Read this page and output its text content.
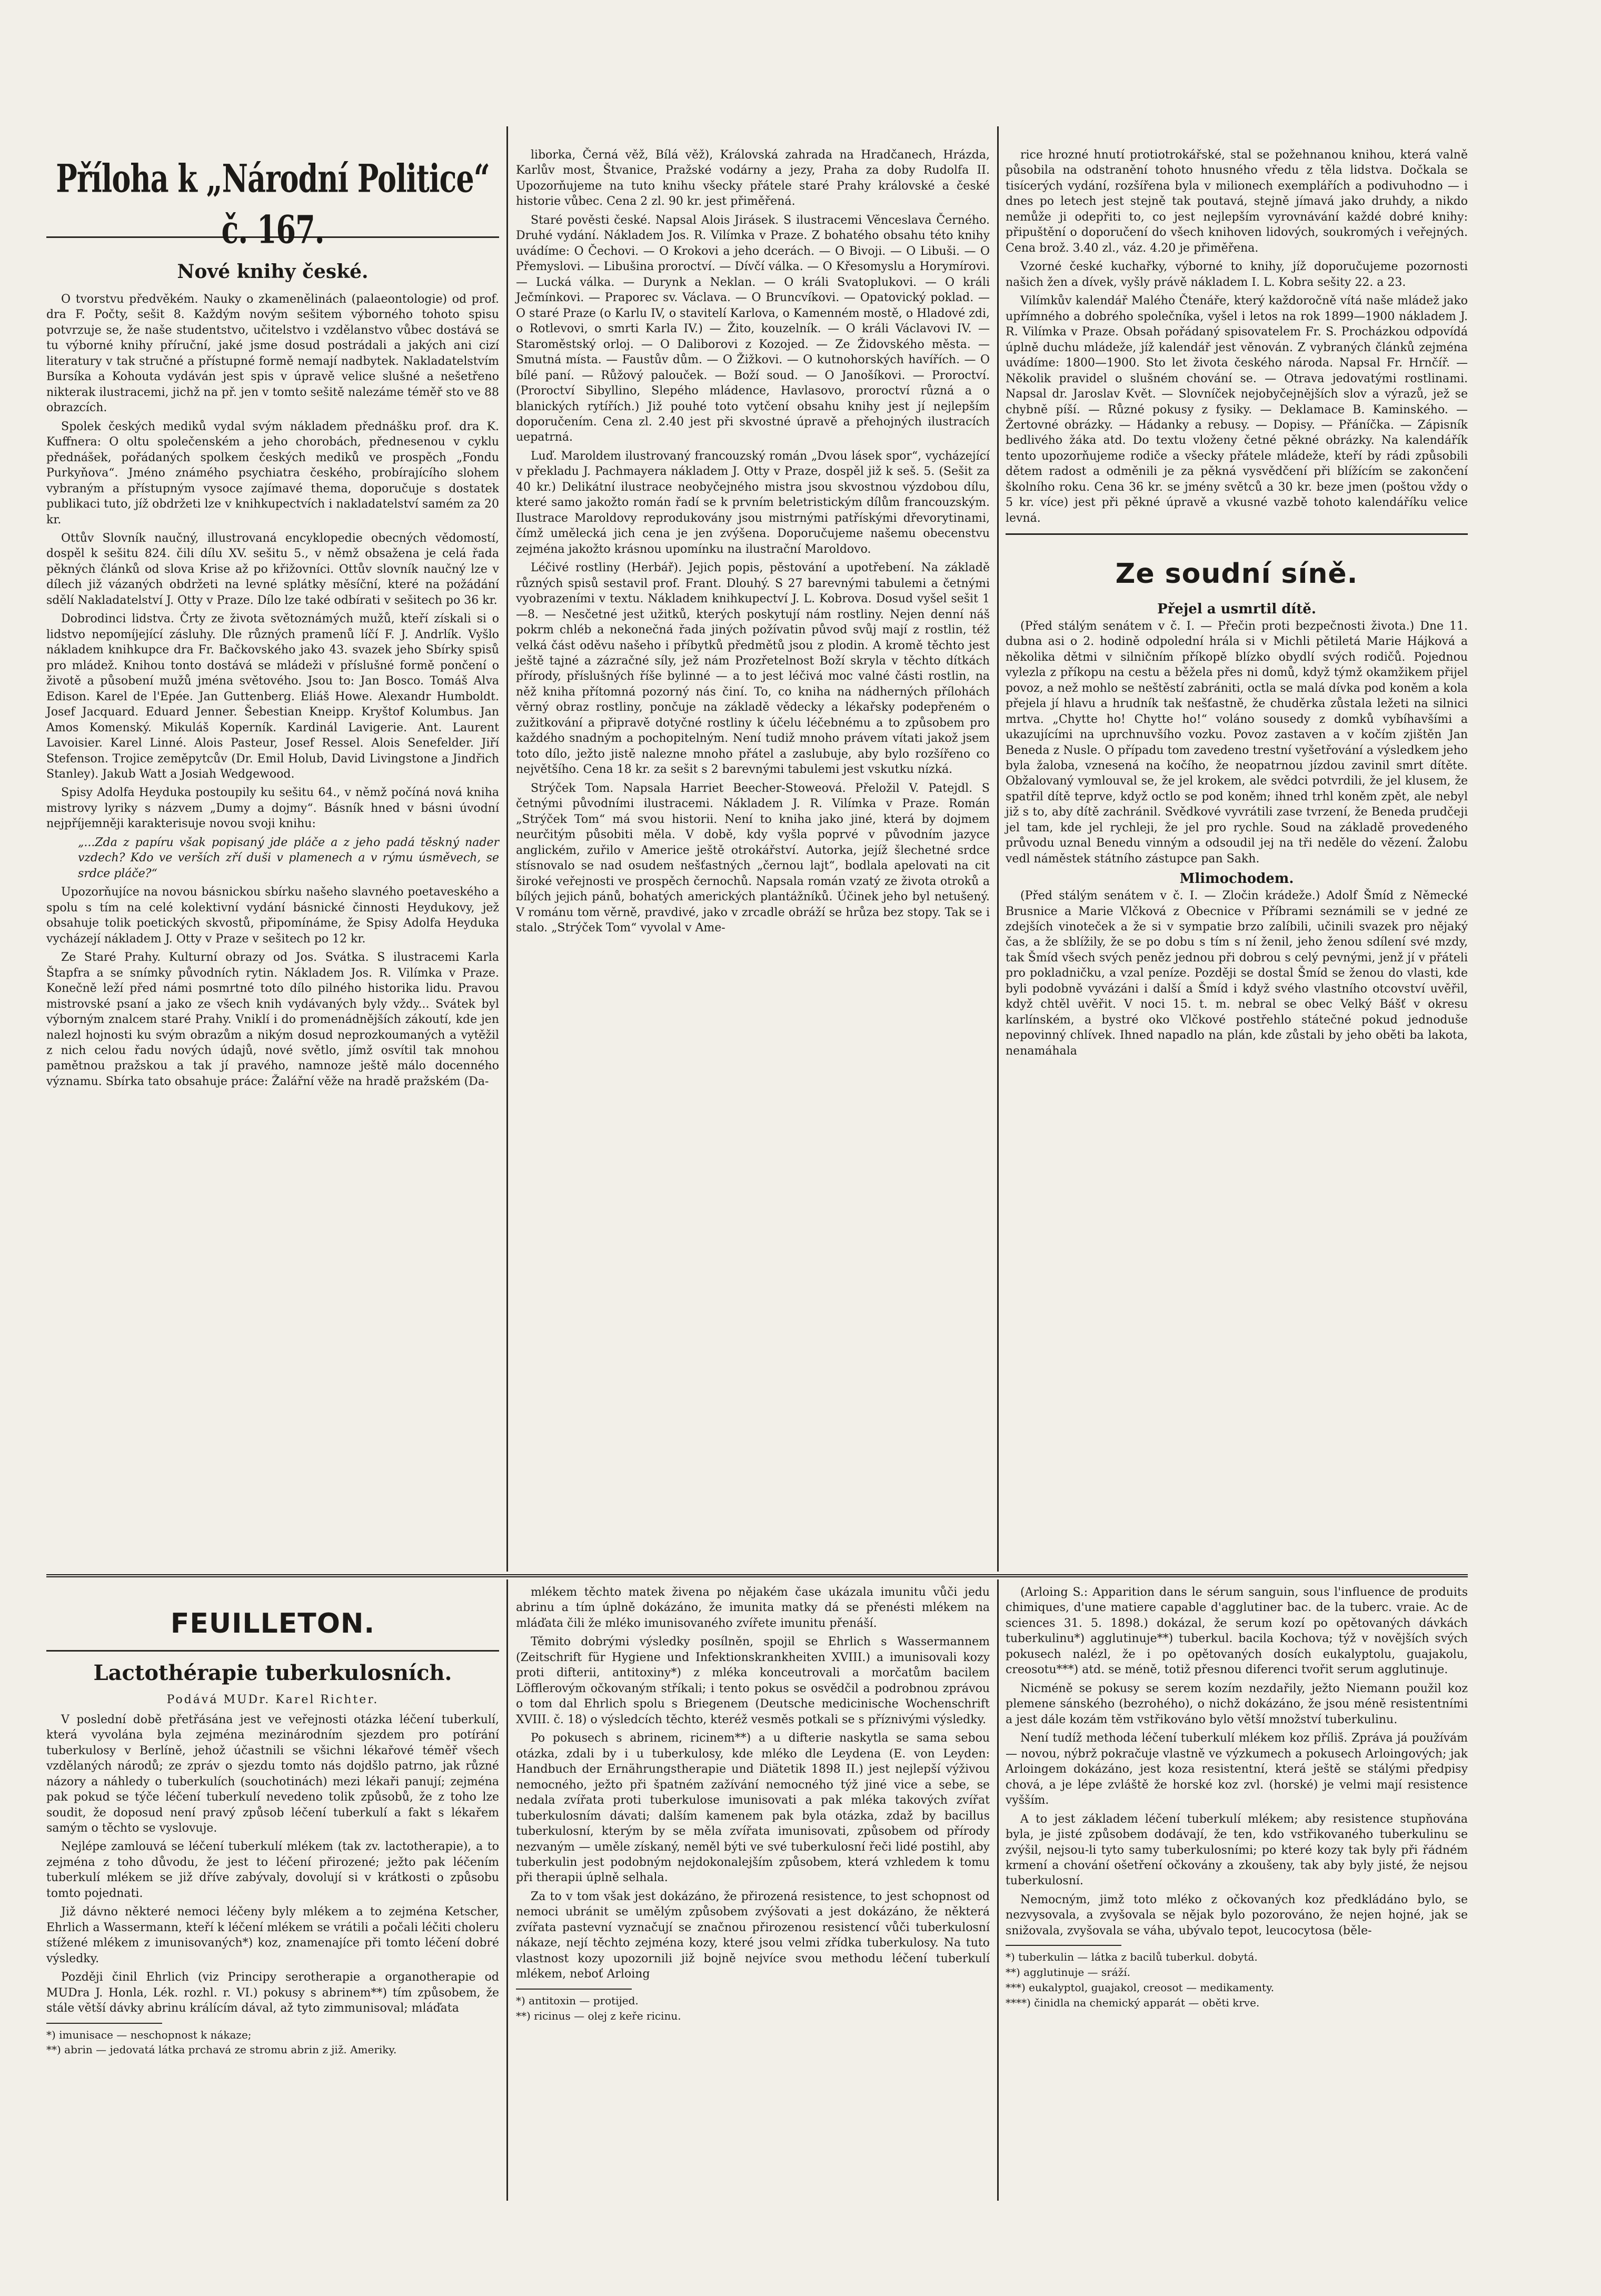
Příloha k „Národní Politice“ č. 167.
Nové knihy české.

O tvorstvu předvěkém. Nauky o zkamenělinách (palaeontologie) od prof. dra F. Počty, sešit 8. Každým novým sešitem výborného tohoto spisu potvrzuje se, že naše studentstvo, učitelstvo i vzdělanstvo vůbec dostává se tu výborné knihy příruční, jaké jsme dosud postrádali a jakých ani cizí literatury v tak stručné a přístupné formě nemají nadbytek. Nakladatelstvím Bursíka a Kohouta vydáván jest spis v úpravě velice slušné a nešetřeno nikterak ilustracemi, jichž na př. jen v tomto sešitě nalezáme téměř sto ve 88 obrazcích.

Spolek českých mediků vydal svým nákladem přednášku prof. dra K. Kuffnera: O oltu společenském a jeho chorobách, přednesenou v cyklu přednášek, pořádaných spolkem českých mediků ve prospěch „Fondu Purkyňova“. Jméno známého psychiatra českého, probírajícího slohem vybraným a přístupným vysoce zajímavé thema, doporučuje s dostatek publikaci tuto, jíž obdržeti lze v knihkupectvích i nakladatelství samém za 20 kr.

Ottův Slovník naučný, illustrovaná encyklopedie obecných vědomostí, dospěl k sešitu 824. čili dílu XV. sešitu 5., v němž obsažena je celá řada pěkných článků od slova Krise až po křižovníci. Ottův slovník naučný lze v dílech již vázaných obdržeti na levné splátky měsíční, které na požádání sdělí Nakladatelství J. Otty v Praze. Dílo lze také odbírati v sešitech po 36 kr.

Dobrodinci lidstva. Črty ze života světoznámých mužů, kteří získali si o lidstvo nepomíjející zásluhy. Dle různých pramenů líčí F. J. Andrlík. Vyšlo nákladem knihkupce dra Fr. Bačkovského jako 43. svazek jeho Sbírky spisů pro mládež. Knihou tonto dostává se mládeži v příslušné formě pončení o životě a působení mužů jména světového. Jsou to: Jan Bosco. Tomáš Alva Edison. Karel de l'Epée. Jan Guttenberg. Eliáš Howe. Alexandr Humboldt. Josef Jacquard. Eduard Jenner. Šebestian Kneipp. Kryštof Kolumbus. Jan Amos Komenský. Mikuláš Koperník. Kardinál Lavigerie. Ant. Laurent Lavoisier. Karel Linné. Alois Pasteur, Josef Ressel. Alois Senefelder. Jiří Stefenson. Trojice zeměpytcův (Dr. Emil Holub, David Livingstone a Jindřich Stanley). Jakub Watt a Josiah Wedgewood.

Spisy Adolfa Heyduka postoupily ku sešitu 64., v němž počíná nová kniha mistrovy lyriky s názvem „Dumy a dojmy“. Básník hned v básni úvodní nejpříjemněji karakterisuje novou svoji knihu:

„...Zda z papíru však popisaný jde pláče a z jeho padá těskný nader vzdech? Kdo ve verších zří duši v plamenech a v rýmu úsměvech, se srdce pláče?“

Upozorňujíce na novou básnickou sbírku našeho slavného poetaveského a spolu s tím na celé kolektivní vydání básnické činnosti Heydukovy, jež obsahuje tolik poetických skvostů, připomínáme, že Spisy Adolfa Heyduka vycházejí nákladem J. Otty v Praze v sešitech po 12 kr.

Ze Staré Prahy. Kulturní obrazy od Jos. Svátka. S ilustracemi Karla Štapfra a se snímky původních rytin. Nákladem Jos. R. Vilímka v Praze. Konečně leží před námi posmrtné toto dílo pilného historika lidu. Pravou mistrovské psaní a jako ze všech knih vydávaných byly vždy... Svátek byl výborným znalcem staré Prahy. Vniklí i do promenádnějších zákoutí, kde jen nalezl hojnosti ku svým obrazům a nikým dosud neprozkoumaných a vytěžil z nich celou řadu nových údajů, nové světlo, jímž osvítil tak mnohou pamětnou pražskou a tak jí pravého, namnoze ještě málo docenného významu. Sbírka tato obsahuje práce: Žalářní věže na hradě pražském (Da-

liborka, Černá věž, Bílá věž), Královská zahrada na Hradčanech, Hrázda, Karlův most, Štvanice, Pražské vodárny a jezy, Praha za doby Rudolfa II. Upozorňujeme na tuto knihu všecky přátele staré Prahy královské a české historie vůbec. Cena 2 zl. 90 kr. jest přiměřená.

Staré pověsti české. Napsal Alois Jirásek. S ilustracemi Věnceslava Černého. Druhé vydání. Nákladem Jos. R. Vilímka v Praze. Z bohatého obsahu této knihy uvádíme: O Čechovi. — O Krokovi a jeho dcerách. — O Bivoji. — O Libuši. — O Přemyslovi. — Libušina proroctví. — Dívčí válka. — O Křesomyslu a Horymírovi. — Lucká válka. — Durynk a Neklan. — O králi Svatoplukovi. — O králi Ječmínkovi. — Praporec sv. Václava. — O Bruncvíkovi. — Opatovický poklad. — O staré Praze (o Karlu IV, o stavitelí Karlova, o Kamenném mostě, o Hladové zdi, o Rotlevovi, o smrti Karla IV.) — Žito, kouzelník. — O králi Václavovi IV. — Staroměstský orloj. — O Daliborovi z Kozojed. — Ze Židovského města. — Smutná místa. — Faustův dům. — O Žižkovi. — O kutnohorských havířích. — O bílé paní. — Růžový palouček. — Boží soud. — O Janošíkovi. — Proroctví. (Proroctví Sibyllino, Slepého mládence, Havlasovo, proroctví různá a o blanických rytířích.) Již pouhé toto vytčení obsahu knihy jest jí nejlepším doporučením. Cena zl. 2.40 jest při skvostné úpravě a přehojných ilustracích uepatrná.

Luď. Maroldem ilustrovaný francouzský román „Dvou lásek spor“, vycházející v překladu J. Pachmayera nákladem J. Otty v Praze, dospěl již k seš. 5. (Sešit za 40 kr.) Delikátní ilustrace neobyčejného mistra jsou skvostnou výzdobou dílu, které samo jakožto román řadí se k prvním beletristickým dílům francouzským. Ilustrace Maroldovy reprodukovány jsou mistrnými patřískými dřevorytinami, čímž umělecká jich cena je jen zvýšena. Doporučujeme našemu obecenstvu zejména jakožto krásnou upomínku na ilustrační Maroldovo.

Léčivé rostliny (Herbář). Jejich popis, pěstování a upotřebení. Na základě různých spisů sestavil prof. Frant. Dlouhý. S 27 barevnými tabulemi a četnými vyobrazeními v textu. Nákladem knihkupectví J. L. Kobrova. Dosud vyšel sešit 1—8. — Nesčetné jest užitků, kterých poskytují nám rostliny. Nejen denní náš pokrm chléb a nekonečná řada jiných požívatin původ svůj mají z rostlin, též velká část oděvu našeho i příbytků předmětů jsou z plodin. A kromě těchto jest ještě tajné a zázračné síly, jež nám Prozřetelnost Boží skryla v těchto dítkách přírody, příslušných říše bylinné — a to jest léčivá moc valné části rostlin, na něž kniha přítomná pozorný nás činí. To, co kniha na nádherných přílohách věrný obraz rostliny, pončuje na základě vědecky a lékařsky podepřeném o zužitkování a připravě dotyčné rostliny k účelu léčebnému a to způsobem pro každého snadným a pochopitelným. Není tudiž mnoho právem vítati jakož jsem toto dílo, ježto jistě nalezne mnoho přátel a zaslubuje, aby bylo rozšířeno co největšího. Cena 18 kr. za sešit s 2 barevnými tabulemi jest vskutku nízká.

Strýček Tom. Napsala Harriet Beecher-Stoweová. Přeložil V. Patejdl. S četnými původními ilustracemi. Nákladem J. R. Vilímka v Praze. Román „Strýček Tom“ má svou historii. Není to kniha jako jiné, která by dojmem neurčitým působiti měla. V době, kdy vyšla poprvé v původním jazyce anglickém, zuřilo v Americe ještě otrokářství. Autorka, jejíž šlechetné srdce stísnovalo se nad osudem nešťastných „černou lajt“, bodlala apelovati na cit široké veřejnosti ve prospěch černochů. Napsala román vzatý ze života otroků a bílých jejich pánů, bohatých amerických plantážníků. Účinek jeho byl netušený. V románu tom věrně, pravdivé, jako v zrcadle obráží se hrůza bez stopy. Tak se i stalo. „Strýček Tom“ vyvolal v Ame-

rice hrozné hnutí protiotrokářské, stal se požehnanou knihou, která valně působila na odstranění tohoto hnusného vředu z těla lidstva. Dočkala se tisícerých vydání, rozšířena byla v milionech exemplářích a podivuhodno — i dnes po letech jest stejně tak poutavá, stejně jímavá jako druhdy, a nikdo nemůže ji odepřiti to, co jest nejlepším vyrovnávání každé dobré knihy: připuštění o doporučení do všech knihoven lidových, soukromých i veřejných. Cena brož. 3.40 zl., váz. 4.20 je přiměřena.

Vzorné české kuchařky, výborné to knihy, jíž doporučujeme pozornosti našich žen a dívek, vyšly právě nákladem I. L. Kobra sešity 22. a 23.

Vilímkův kalendář Malého Čtenáře, který každoročně vítá naše mládež jako upřímného a dobrého společníka, vyšel i letos na rok 1899—1900 nákladem J. R. Vilímka v Praze. Obsah pořádaný spisovatelem Fr. S. Procházkou odpovídá úplně duchu mládeže, jíž kalendář jest věnován. Z vybraných článků zejména uvádíme: 1800—1900. Sto let života českého národa. Napsal Fr. Hrnčíř. — Několik pravidel o slušném chování se. — Otrava jedovatými rostlinami. Napsal dr. Jaroslav Květ. — Slovníček nejobyčejnějších slov a výrazů, jež se chybně píší. — Různé pokusy z fysiky. — Deklamace B. Kaminského. — Žertovné obrázky. — Hádanky a rebusy. — Dopisy. — Přáníčka. — Zápisník bedlivého žáka atd. Do textu vloženy četné pěkné obrázky. Na kalendářík tento upozorňujeme rodiče a všecky přátele mládeže, kteří by rádi způsobili dětem radost a odměnili je za pěkná vysvědčení při blížícím se zakončení školního roku. Cena 36 kr. se jmény světců a 30 kr. beze jmen (poštou vždy o 5 kr. více) jest při pěkné úpravě a vkusné vazbě tohoto kalendáříku velice levná.

Ze soudní síně.
Přejel a usmrtil dítě.

(Před stálým senátem v č. I. — Přečin proti bezpečnosti života.) Dne 11. dubna asi o 2. hodině odpolední hrála si v Michli pětiletá Marie Hájková a několika dětmi v silničním příkopě blízko obydlí svých rodičů. Pojednou vylezla z příkopu na cestu a běžela přes ni domů, když týmž okamžikem přijel povoz, a než mohlo se neštěstí zabrániti, octla se malá dívka pod koněm a kola přejela jí hlavu a hrudník tak nešťastně, že chuděrka zůstala ležeti na silnici mrtva. „Chytte ho! Chytte ho!“ voláno sousedy z domků vybíhavšími a ukazujícími na uprchnuvšího vozku. Povoz zastaven a v kočím zjištěn Jan Beneda z Nusle. O případu tom zavedeno trestní vyšetřování a výsledkem jeho byla žaloba, vznesená na kočího, že neopatrnou jízdou zavinil smrt dítěte. Obžalovaný vymlouval se, že jel krokem, ale svědci potvrdili, že jel klusem, že spatřil dítě teprve, když octlo se pod koněm; ihned trhl koněm zpět, ale nebyl již s to, aby dítě zachránil. Svědkové vyvrátili zase tvrzení, že Beneda prudčeji jel tam, kde jel rychleji, že jel pro rychle. Soud na základě provedeného průvodu uznal Benedu vinným a odsoudil jej na tři neděle do vězení. Žalobu vedl náměstek státního zástupce pan Sakh.

Mlimochodem.

(Před stálým senátem v č. I. — Zločin krádeže.) Adolf Šmíd z Německé Brusnice a Marie Vlčková z Obecnice v Příbrami seznámili se v jedné ze zdejších vinoteček a že si v sympatie brzo zalíbili, učinili svazek pro nějaký čas, a že sblížily, že se po dobu s tím s ní ženil, jeho ženou sdílení své mzdy, tak Šmíd všech svých peněz jednou při dobrou s celý pevnými, jenž jí v přáteli pro pokladničku, a vzal peníze. Později se dostal Šmíd se ženou do vlasti, kde byli podobně vyvázáni i další a Šmíd i když svého vlastního otcovství uvěřil, když chtěl uvěřit. V noci 15. t. m. nebral se obec Velký Bášť v okresu karlínském, a bystré oko Vlčkové postřehlo státečné pokud jednoduše nepovinný chlívek. Ihned napadlo na plán, kde zůstali by jeho oběti ba lakota, nenamáhala

FEUILLETON.
Lactothérapie tuberkulosních.
Podává MUDr. Karel Richter.

V poslední době přetřásána jest ve veřejnosti otázka léčení tuberkulí, která vyvolána byla zejména mezinárodním sjezdem pro potírání tuberkulosy v Berlíně, jehož účastnili se všichni lékařové téměř všech vzdělaných národů; ze zpráv o sjezdu tomto nás dojdšlo patrno, jak různé názory a náhledy o tuberkulích (souchotinách) mezi lékaři panují; zejména pak pokud se týče léčení tuberkulí nevedeno tolik způsobů, že z toho lze soudit, že doposud není pravý způsob léčení tuberkulí a fakt s lékařem samým o těchto se vyslovuje.

Nejlépe zamlouvá se léčení tuberkulí mlékem (tak zv. lactotherapie), a to zejména z toho důvodu, že jest to léčení přirozené; ježto pak léčením tuberkulí mlékem se již dříve zabývaly, dovolují si v krátkosti o způsobu tomto pojednati.

Již dávno některé nemoci léčeny byly mlékem a to zejména Ketscher, Ehrlich a Wassermann, kteří k léčení mlékem se vrátili a počali léčiti choleru stížené mlékem z imunisovaných*) koz, znamenajíce při tomto léčení dobré výsledky.

Později činil Ehrlich (viz Principy serotherapie a organotherapie od MUDra J. Honla, Lék. rozhl. r. VI.) pokusy s abrinem**) tím způsobem, že stále větší dávky abrinu králícím dával, až tyto zimmunisoval; mláďata

*) imunisace — neschopnost k nákaze;
**) abrin — jedovatá látka prchavá ze stromu abrin z již. Ameriky.

mlékem těchto matek živena po nějakém čase ukázala imunitu vůči jedu abrinu a tím úplně dokázáno, že imunita matky dá se přenésti mlékem na mláďata čili že mléko imunisovaného zvířete imunitu přenáší.

Těmito dobrými výsledky posílněn, spojil se Ehrlich s Wassermannem (Zeitschrift für Hygiene und Infektionskrankheiten XVIII.) a imunisovali kozy proti difterii, antitoxiny*) z mléka konceutrovali a morčatům bacilem Löfflerovým očkovaným stříkali; i tento pokus se osvědčil a podrobnou zprávou o tom dal Ehrlich spolu s Briegenem (Deutsche medicinische Wochenschrift XVIII. č. 18) o výsledcích těchto, kteréž vesměs potkali se s příznivými výsledky.

Po pokusech s abrinem, ricinem**) a u difterie naskytla se sama sebou otázka, zdali by i u tuberkulosy, kde mléko dle Leydena (E. von Leyden: Handbuch der Ernährungstherapie und Diätetik 1898 II.) jest nejlepší výživou nemocného, ježto při špatném zažívání nemocného týž jiné vice a sebe, se nedala zvířata proti tuberkulose imunisovati a pak mléka takových zvířat tuberkulosním dávati; dalším kamenem pak byla otázka, zdaž by bacillus tuberkulosní, kterým by se měla zvířata imunisovati, způsobem od přírody nezvaným — uměle získaný, neměl býti ve své tuberkulosní řeči lidé postihl, aby tuberkulin jest podobným nejdokonalejším způsobem, která vzhledem k tomu při therapii úplně selhala.

Za to v tom však jest dokázáno, že přirozená resistence, to jest schopnost od nemoci ubránit se umělým způsobem zvýšovati a jest dokázáno, že některá zvířata pastevní vyznačují se značnou přirozenou resistencí vůči tuberkulosní nákaze, nejí těchto zejména kozy, které jsou velmi zřídka tuberkulosy. Na tuto vlastnost kozy upozornili již bojně nejvíce svou methodu léčení tuberkulí mlékem, neboť Arloing

*) antitoxin — protijed.
**) ricinus — olej z keře ricinu.

(Arloing S.: Apparition dans le sérum sanguin, sous l'influence de produits chimiques, d'une matiere capable d'agglutiner bac. de la tuberc. vraie. Ac de sciences 31. 5. 1898.) dokázal, že serum kozí po opětovaných dávkách tuberkulinu*) agglutinuje**) tuberkul. bacila Kochova; týž v novějších svých pokusech nalézl, že i po opětovaných dosích eukalyptolu, guajakolu, creosotu***) atd. se méně, totiž přesnou diferenci tvořit serum agglutinuje.

Nicméně se pokusy se serem kozím nezdařily, ježto Niemann použil koz plemene sánského (bezrohého), o nichž dokázáno, že jsou méně resistentními a jest dále kozám těm vstřikováno bylo větší množství tuberkulinu.

Není tudíž methoda léčení tuberkulí mlékem koz příliš. Zpráva já používám — novou, nýbrž pokračuje vlastně ve výzkumech a pokusech Arloingových; jak Arloingem dokázáno, jest koza resistentní, která ještě se stálými předpisy chová, a je lépe zvláště že horské koz zvl. (horské) je velmi mají resistence vyšším.

A to jest základem léčení tuberkulí mlékem; aby resistence stupňována byla, je jisté způsobem dodávají, že ten, kdo vstřikovaného tuberkulinu se zvýšil, nejsou-li tyto samy tuberkulosními; po které kozy tak byly při řádném krmení a chování ošetření očkovány a zkoušeny, tak aby byly jisté, že nejsou tuberkulosní.

Nemocným, jimž toto mléko z očkovaných koz předkládáno bylo, se nezvysovala, a zvyšovala se nějak bylo pozorováno, že nejen hojné, jak se snižovala, zvyšovala se váha, ubývalo tepot, leucocytosa (běle-

*) tuberkulin — látka z bacilů tuberkul. dobytá.
**) agglutinuje — sráží.
***) eukalyptol, guajakol, creosot — medikamenty.
****) činidla na chemický apparát — oběti krve.
